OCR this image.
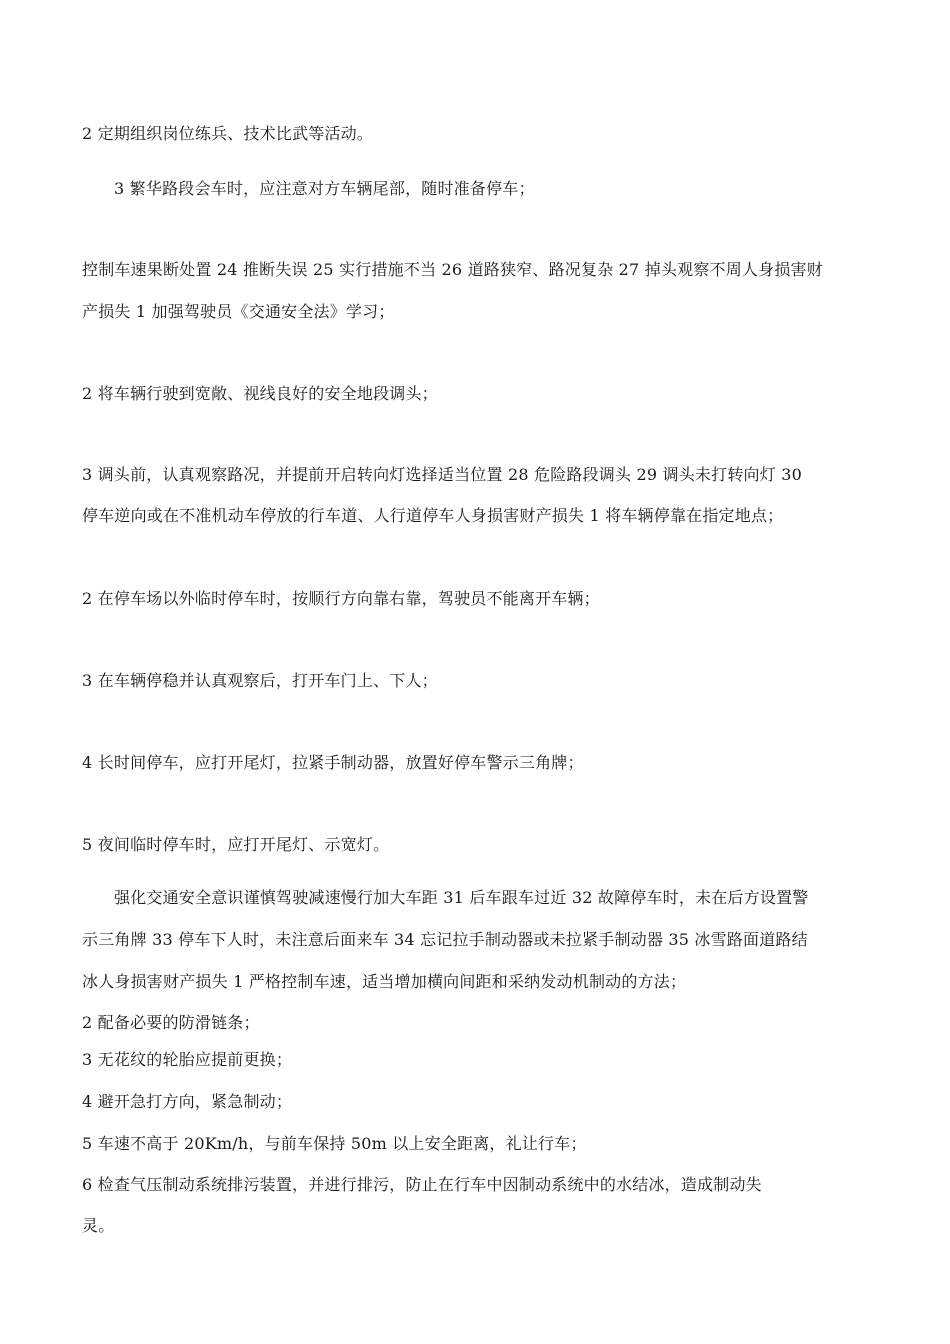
2 定期组织岗位练兵、技术比武等活动。
3 繁华路段会车时，应注意对方车辆尾部，随时准备停车；
控制车速果断处置 24 推断失误 25 实行措施不当 26 道路狭窄、路况复杂 27 掉头观察不周人身损害财
产损失 1 加强驾驶员《交通安全法》学习；
2 将车辆行驶到宽敞、视线良好的安全地段调头；
3 调头前，认真观察路况，并提前开启转向灯选择适当位置 28 危险路段调头 29 调头未打转向灯 30
停车逆向或在不准机动车停放的行车道、人行道停车人身损害财产损失 1 将车辆停靠在指定地点；
2 在停车场以外临时停车时，按顺行方向靠右靠，驾驶员不能离开车辆；
3 在车辆停稳并认真观察后，打开车门上、下人；
4 长时间停车，应打开尾灯，拉紧手制动器，放置好停车警示三角牌；
5 夜间临时停车时，应打开尾灯、示宽灯。
强化交通安全意识谨慎驾驶减速慢行加大车距 31 后车跟车过近 32 故障停车时，未在后方设置警
示三角牌 33 停车下人时，未注意后面来车 34 忘记拉手制动器或未拉紧手制动器 35 冰雪路面道路结
冰人身损害财产损失 1 严格控制车速，适当增加横向间距和采纳发动机制动的方法；
2 配备必要的防滑链条；
3 无花纹的轮胎应提前更换；
4 避开急打方向，紧急制动；
5 车速不高于 20Km/h，与前车保持 50m 以上安全距离，礼让行车；
6 检查气压制动系统排污装置，并进行排污，防止在行车中因制动系统中的水结冰，造成制动失
灵。
